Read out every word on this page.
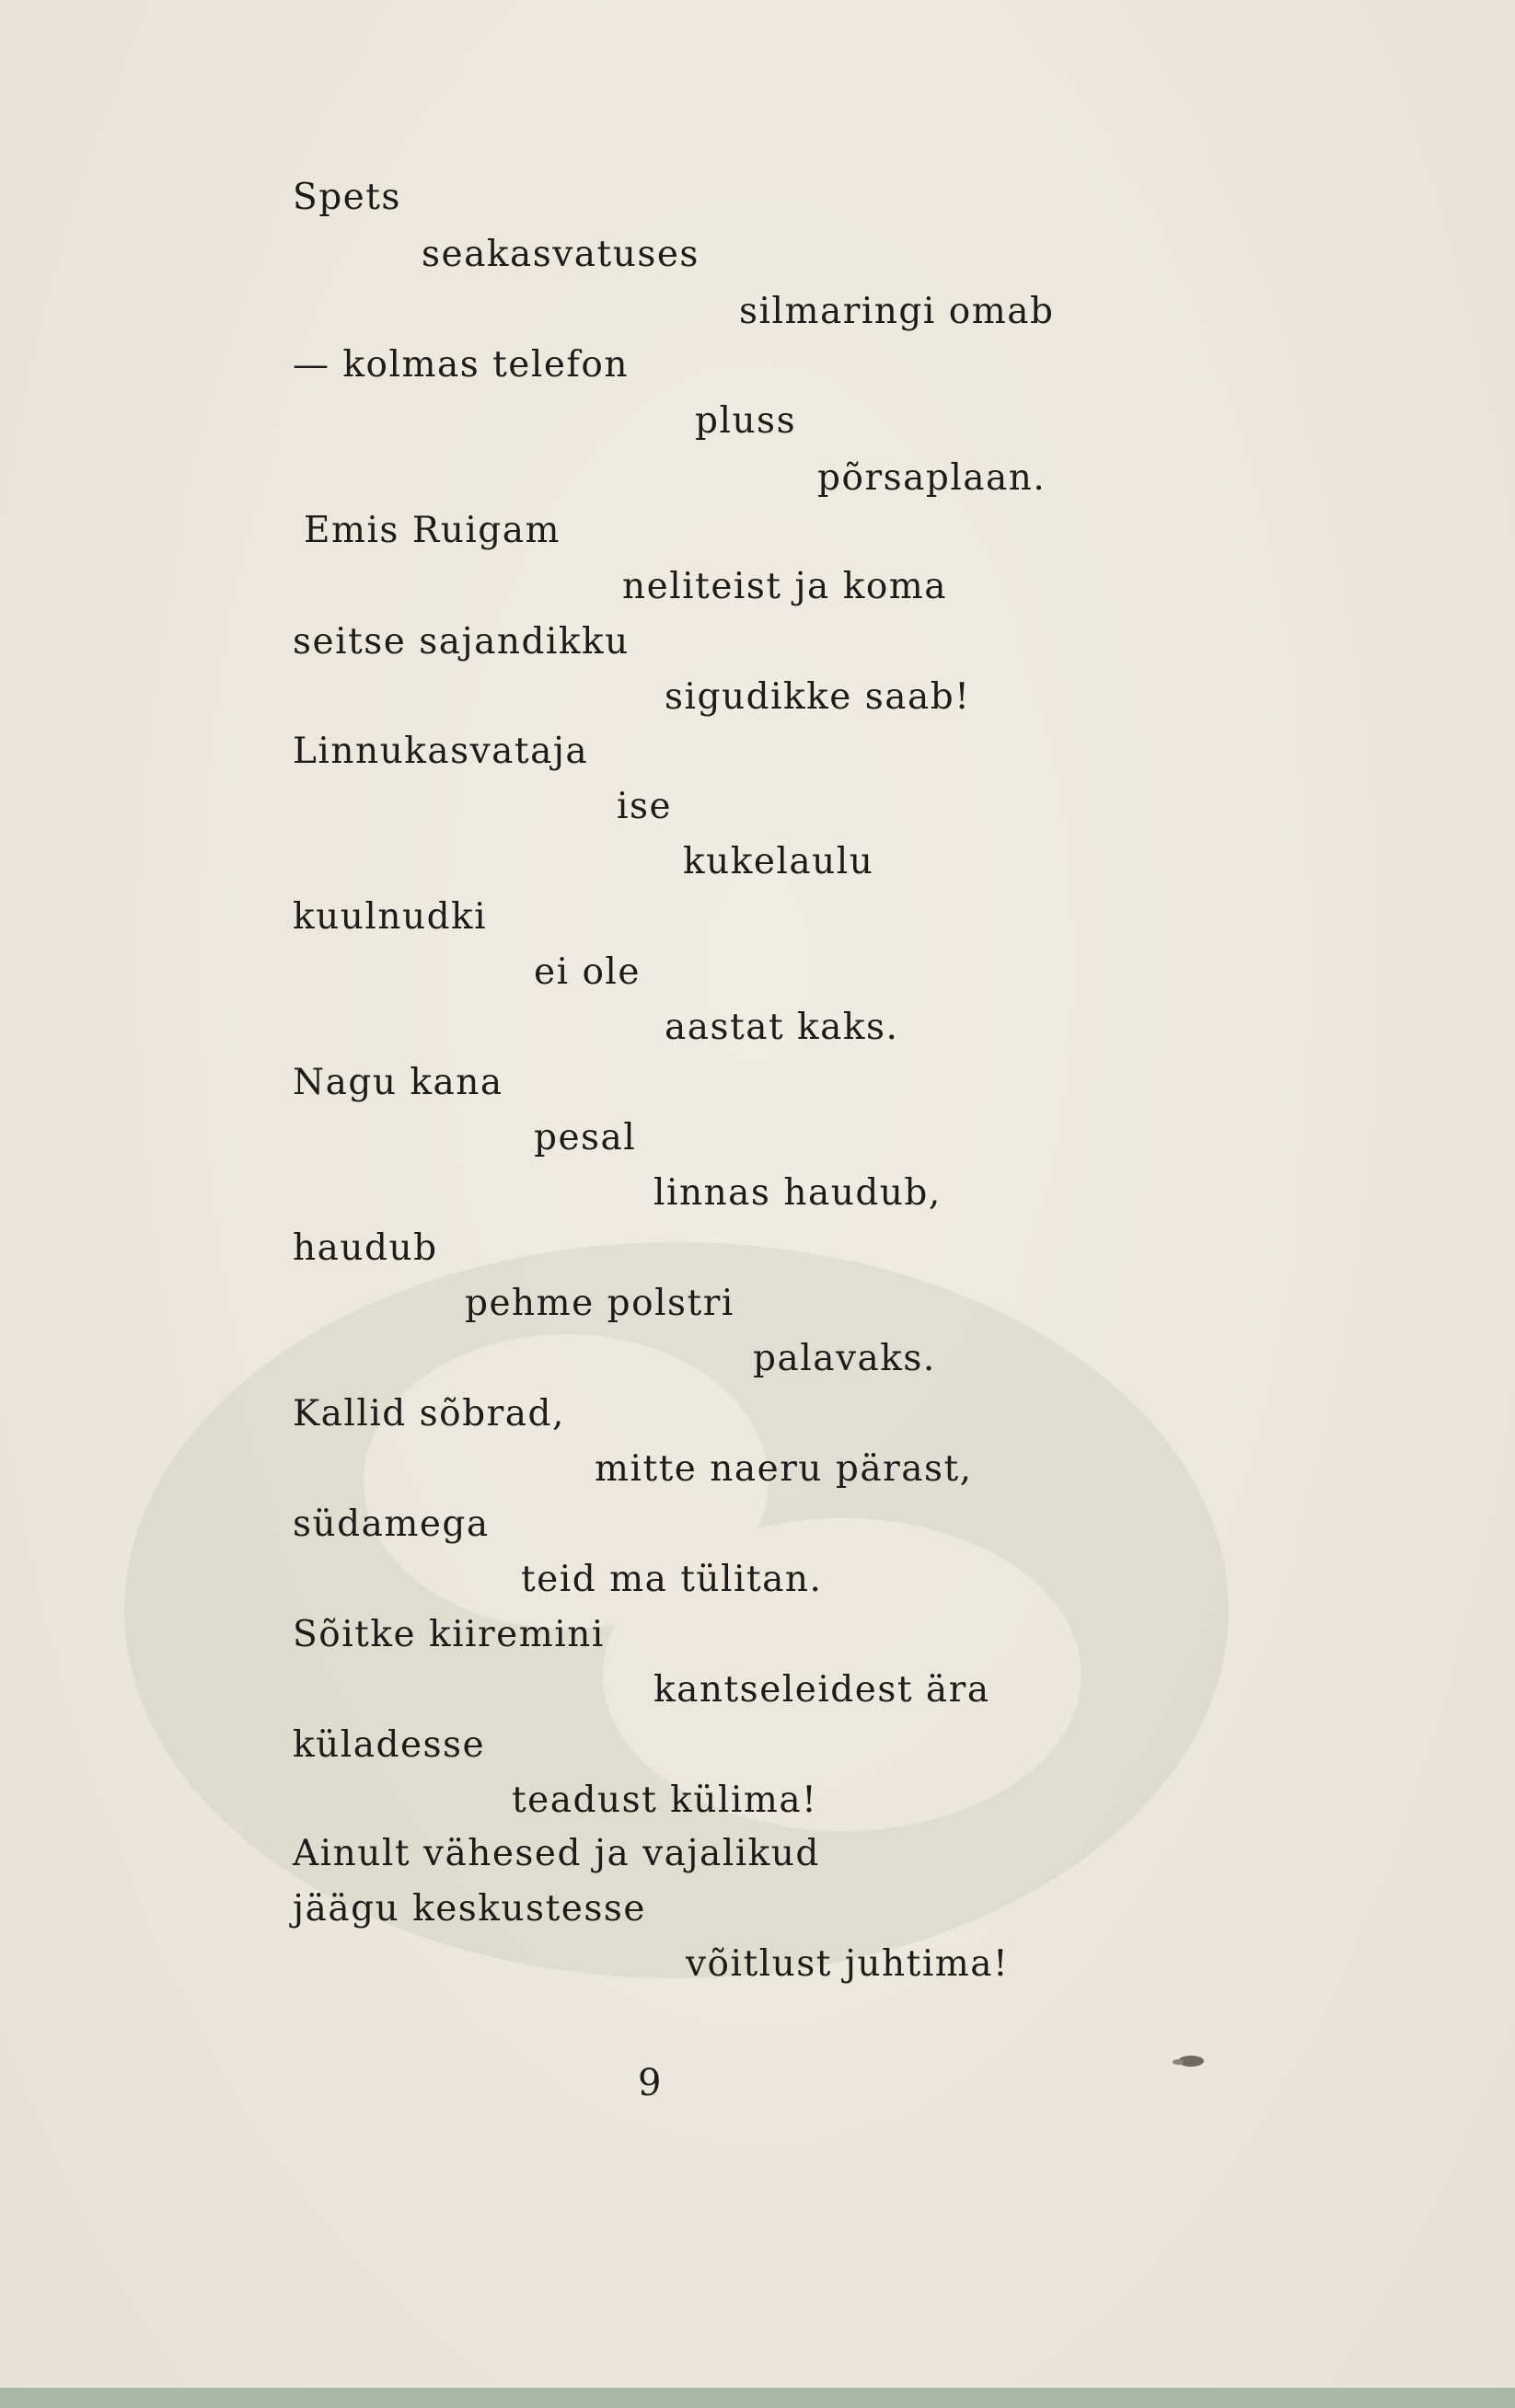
Spets
seakasvatuses
silmaringi omab
— kolmas telefon
pluss
põrsaplaan.
Emis Ruigam
neliteist ja koma
seitse sajandikku
sigudikke saab!
Linnukasvataja
ise
kukelaulu
kuulnudki
ei ole
aastat kaks.
Nagu kana
pesal
linnas haudub,
haudub
pehme polstri
palavaks.
Kallid sõbrad,
mitte naeru pärast,
südamega
teid ma tülitan.
Sõitke kiiremini
kantseleidest ära
küladesse
teadust külima!
Ainult vähesed ja vajalikud
jäägu keskustesse
võitlust juhtima!
9
